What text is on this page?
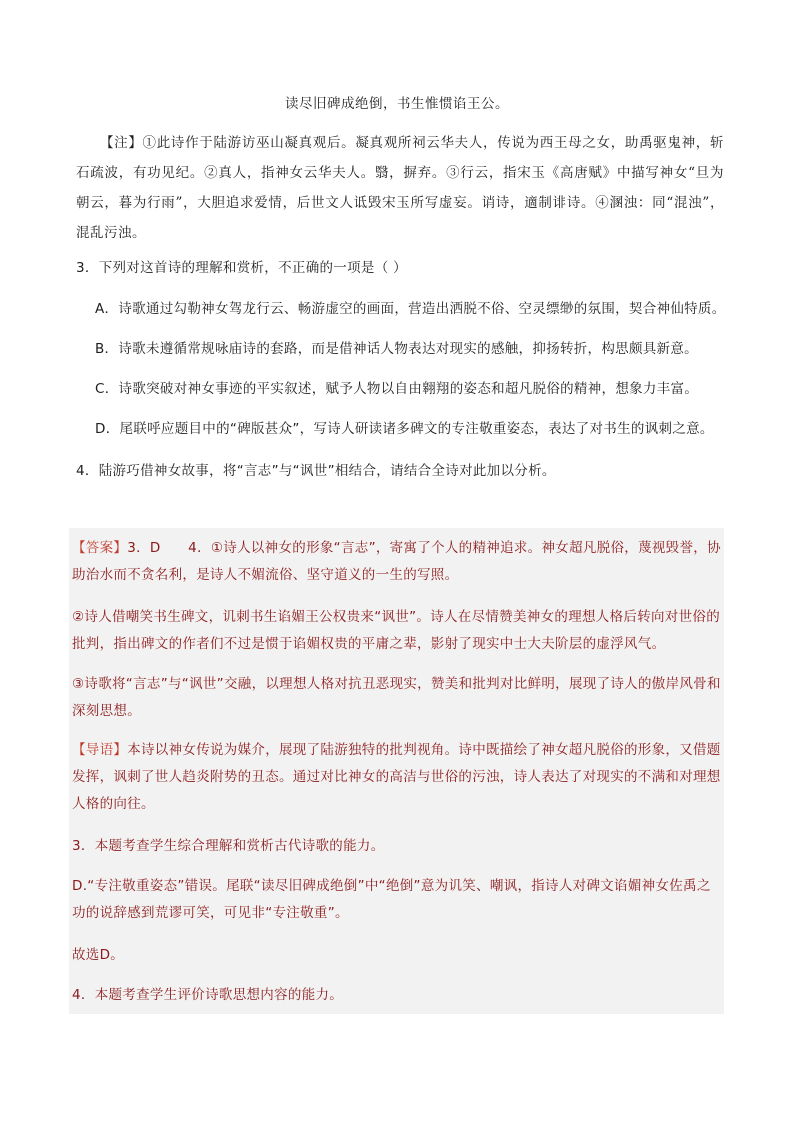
读尽旧碑成绝倒，书生惟惯谄王公。
【注】①此诗作于陆游访巫山凝真观后。凝真观所祠云华夫人，传说为西王母之女，助禹驱鬼神，斩石疏波，有功见纪。②真人，指神女云华夫人。翳，摒弃。③行云，指宋玉《高唐赋》中描写神女“旦为朝云，暮为行雨”，大胆追求爱情，后世文人诋毁宋玉所写虚妄。诮诗，適制诽诗。④溷浊：同“混浊”，混乱污浊。
3．下列对这首诗的理解和赏析，不正确的一项是（ ）
A．诗歌通过勾勒神女驾龙行云、畅游虚空的画面，营造出洒脱不俗、空灵缥缈的氛围，契合神仙特质。
B．诗歌未遵循常规咏庙诗的套路，而是借神话人物表达对现实的感触，抑扬转折，构思颇具新意。
C．诗歌突破对神女事迹的平实叙述，赋予人物以自由翱翔的姿态和超凡脱俗的精神，想象力丰富。
D．尾联呼应题目中的“碑版甚众”，写诗人研读诸多碑文的专注敬重姿态，表达了对书生的讽刺之意。
4．陆游巧借神女故事，将“言志”与“讽世”相结合，请结合全诗对此加以分析。
【答案】3．D　　4．①诗人以神女的形象“言志”，寄寓了个人的精神追求。神女超凡脱俗，蔑视毁誉，协助治水而不贪名利，是诗人不媚流俗、坚守道义的一生的写照。
②诗人借嘲笑书生碑文，讥刺书生谄媚王公权贵来“讽世”。诗人在尽情赞美神女的理想人格后转向对世俗的批判，指出碑文的作者们不过是惯于谄媚权贵的平庸之辈，影射了现实中士大夫阶层的虚浮风气。
③诗歌将“言志”与“讽世”交融，以理想人格对抗丑恶现实，赞美和批判对比鲜明，展现了诗人的傲岸风骨和深刻思想。
【导语】本诗以神女传说为媒介，展现了陆游独特的批判视角。诗中既描绘了神女超凡脱俗的形象，又借题发挥，讽刺了世人趋炎附势的丑态。通过对比神女的高洁与世俗的污浊，诗人表达了对现实的不满和对理想人格的向往。
3．本题考查学生综合理解和赏析古代诗歌的能力。
D.“专注敬重姿态”错误。尾联“读尽旧碑成绝倒”中“绝倒”意为讥笑、嘲讽，指诗人对碑文谄媚神女佐禹之功的说辞感到荒谬可笑，可见非“专注敬重”。
故选D。
4．本题考查学生评价诗歌思想内容的能力。
